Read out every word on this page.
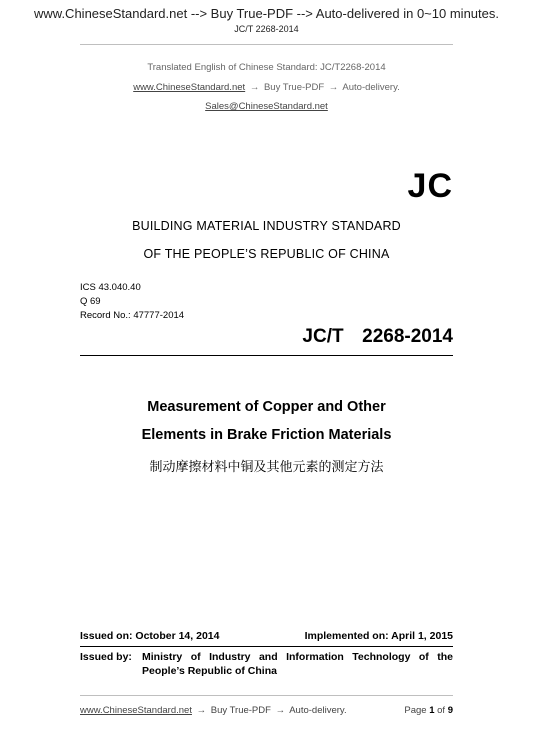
www.ChineseStandard.net --> Buy True-PDF --> Auto-delivered in 0~10 minutes.
JC/T 2268-2014
Translated English of Chinese Standard: JC/T2268-2014
www.ChineseStandard.net → Buy True-PDF → Auto-delivery.
Sales@ChineseStandard.net
JC
BUILDING MATERIAL INDUSTRY STANDARD
OF THE PEOPLE’S REPUBLIC OF CHINA
ICS 43.040.40
Q 69
Record No.: 47777-2014
JC/T  2268-2014
Measurement of Copper and Other
Elements in Brake Friction Materials
制动摩擦材料中铜及其他元素的测定方法
Issued on: October 14, 2014	Implemented on: April 1, 2015
Issued by: Ministry of Industry and Information Technology of the People’s Republic of China
www.ChineseStandard.net → Buy True-PDF → Auto-delivery.	Page 1 of 9
